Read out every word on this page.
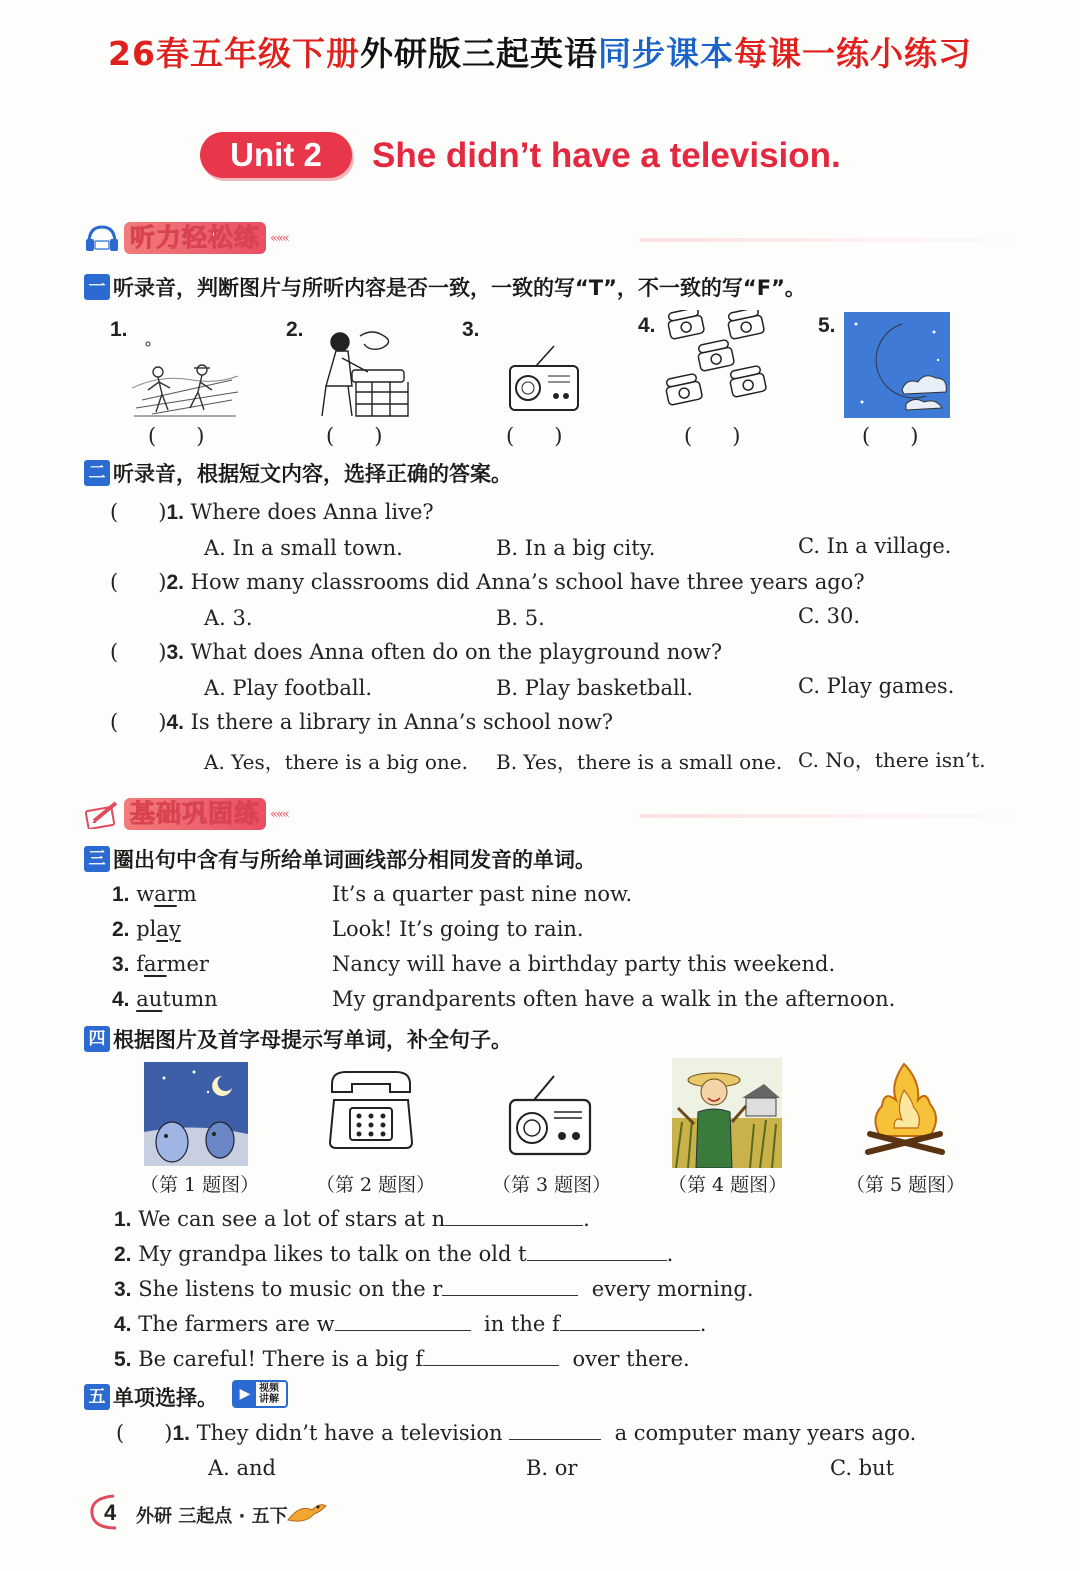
26春五年级下册外研版三起英语同步课本每课一练小练习
Unit 2	She didn’t have a television.
听力轻松练 «««
一 听录音，判断图片与所听内容是否一致，一致的写“T”，不一致的写“F”。
1.
(      )
2.
(      )
3.
(      )
4.
(      )
5.
(      )
二 听录音，根据短文内容，选择正确的答案。
(      )1. Where does Anna live?
A. In a small town.	B. In a big city.	C. In a village.
(      )2. How many classrooms did Anna’s school have three years ago?
A. 3.	B. 5.	C. 30.
(      )3. What does Anna often do on the playground now?
A. Play football.	B. Play basketball.	C. Play games.
(      )4. Is there a library in Anna’s school now?
A. Yes，there is a big one. B. Yes，there is a small one. C. No，there isn’t.
基础巩固练 «««
三 圈出句中含有与所给单词画线部分相同发音的单词。
1. warm	It’s a quarter past nine now.
2. play	Look! It’s going to rain.
3. farmer	Nancy will have a birthday party this weekend.
4. autumn	My grandparents often have a walk in the afternoon.
四 根据图片及首字母提示写单词，补全句子。
（第 1 题图）	（第 2 题图）	（第 3 题图）	（第 4 题图）	（第 5 题图）
1. We can see a lot of stars at n	.
2. My grandpa likes to talk on the old t	.
3. She listens to music on the r	every morning.
4. The farmers are w	in the f	.
5. Be careful! There is a big f	over there.
五 单项选择。	▶ 视频讲解
(      )1. They didn’t have a television	a computer many years ago.
A. and	B. or	C. but
4 外研 三起点 · 五下
